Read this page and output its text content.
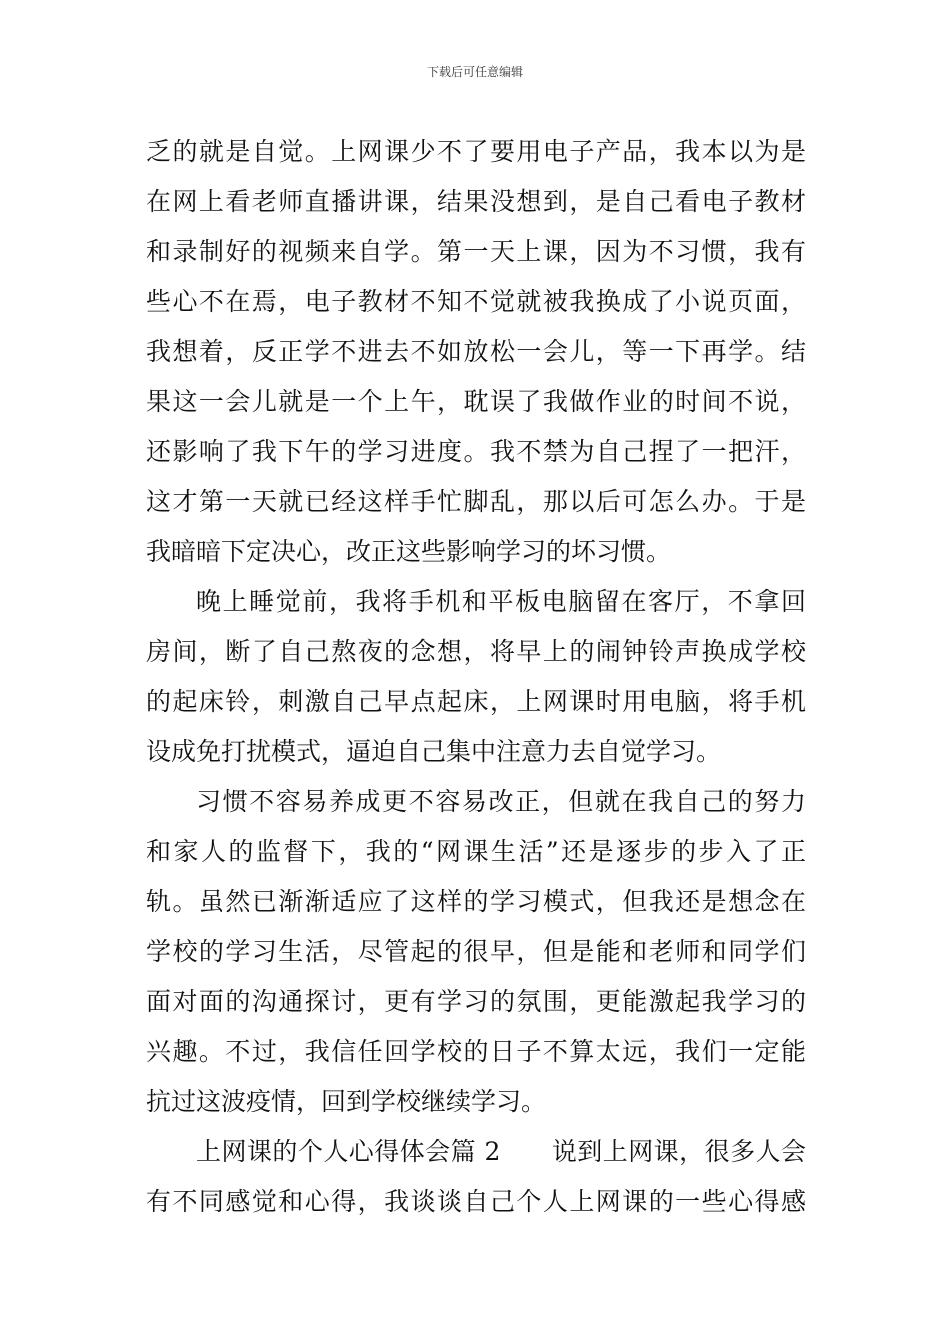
下载后可任意编辑
乏的就是自觉。上网课少不了要用电子产品，我本以为是
在网上看老师直播讲课，结果没想到，是自己看电子教材
和录制好的视频来自学。第一天上课，因为不习惯，我有
些心不在焉，电子教材不知不觉就被我换成了小说页面，
我想着，反正学不进去不如放松一会儿，等一下再学。结
果这一会儿就是一个上午，耽误了我做作业的时间不说，
还影响了我下午的学习进度。我不禁为自己捏了一把汗，
这才第一天就已经这样手忙脚乱，那以后可怎么办。于是
我暗暗下定决心，改正这些影响学习的坏习惯。
晚上睡觉前，我将手机和平板电脑留在客厅，不拿回
房间，断了自己熬夜的念想，将早上的闹钟铃声换成学校
的起床铃，刺激自己早点起床，上网课时用电脑，将手机
设成免打扰模式，逼迫自己集中注意力去自觉学习。
习惯不容易养成更不容易改正，但就在我自己的努力
和家人的监督下，我的“网课生活”还是逐步的步入了正
轨。虽然已渐渐适应了这样的学习模式，但我还是想念在
学校的学习生活，尽管起的很早，但是能和老师和同学们
面对面的沟通探讨，更有学习的氛围，更能激起我学习的
兴趣。不过，我信任回学校的日子不算太远，我们一定能
抗过这波疫情，回到学校继续学习。
上网课的个人心得体会篇 2　　说到上网课，很多人会
有不同感觉和心得，我谈谈自己个人上网课的一些心得感
